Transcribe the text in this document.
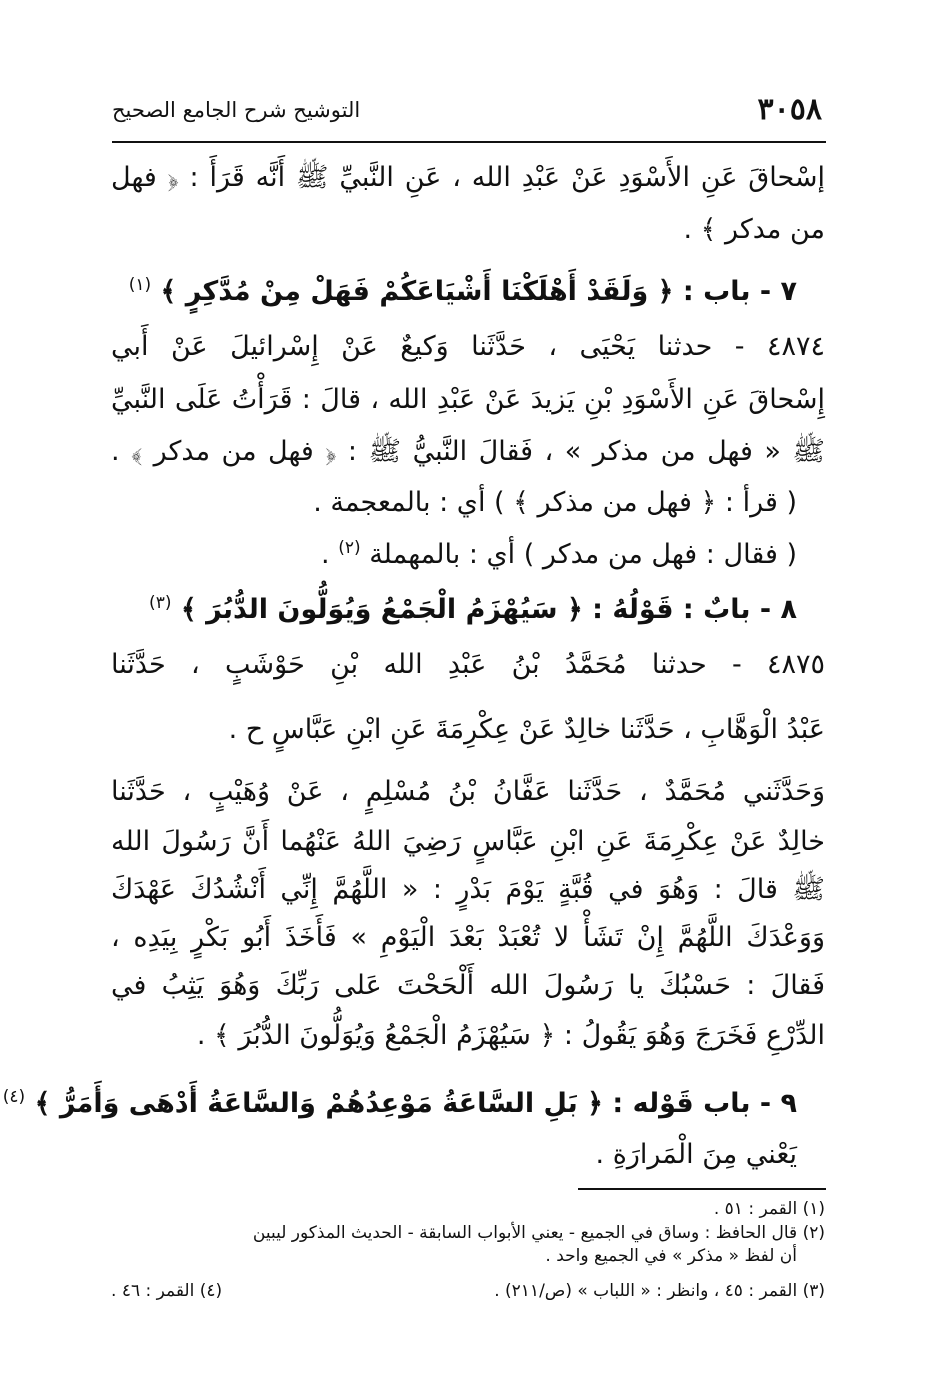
٣٠٥٨
التوشيح شرح الجامع الصحيح
إسْحاقَ عَنِ الأَسْوَدِ عَنْ عَبْدِ الله ، عَنِ النَّبيِّ ﷺ أَنَّه قَرَأَ : ﴿ فهل
من مدكر ﴾ .
٧ - باب : ﴿ وَلَقَدْ أَهْلَكْنَا أَشْيَاعَكُمْ فَهَلْ مِنْ مُدَّكِرٍ ﴾ $^{(١)}$
٤٨٧٤ - حدثنا يَحْيَى ، حَدَّثَنا وَكيعٌ عَنْ إِسْرائيلَ عَنْ أَبي
إِسْحاقَ عَنِ الأَسْوَدِ بْنِ يَزيدَ عَنْ عَبْدِ الله ، قالَ : قَرَأْتُ عَلَى النَّبيِّ
ﷺ « فهل من مذكر » ، فَقالَ النَّبيُّ ﷺ : ﴿ فهل من مدكر ﴾ .
( قرأ : ﴿ فهل من مذكر ﴾ ) أي : بالمعجمة .
( فقال : فهل من مدكر ) أي : بالمهملة $^{(٢)}$ .
٨ - بابٌ : قَوْلُهُ : ﴿ سَيُهْزَمُ الْجَمْعُ وَيُوَلُّونَ الدُّبُرَ ﴾ $^{(٣)}$
٤٨٧٥ - حدثنا مُحَمَّدُ بْنُ عَبْدِ الله بْنِ حَوْشَبٍ ، حَدَّثَنا
عَبْدُ الْوَهَّابِ ، حَدَّثَنا خالِدٌ عَنْ عِكْرِمَةَ عَنِ ابْنِ عَبَّاسٍ ح .
وَحَدَّثَني مُحَمَّدٌ ، حَدَّثَنا عَفَّانُ بْنُ مُسْلِمٍ ، عَنْ وُهَيْبٍ ، حَدَّثَنا
خالِدٌ عَنْ عِكْرِمَةَ عَنِ ابْنِ عَبَّاسٍ رَضِيَ اللهُ عَنْهُما أَنَّ رَسُولَ الله
ﷺ قالَ : وَهُوَ في قُبَّةٍ يَوْمَ بَدْرٍ : « اللَّهُمَّ إِنِّي أَنْشُدُكَ عَهْدَكَ
وَوَعْدَكَ اللَّهُمَّ إِنْ تَشَأْ لا تُعْبَدْ بَعْدَ الْيَوْمِ » فَأَخَذَ أَبُو بَكْرٍ بِيَدِه ،
فَقالَ : حَسْبُكَ يا رَسُولَ الله أَلْحَحْتَ عَلى رَبِّكَ وَهُوَ يَثِبُ في
الدِّرْعِ فَخَرَجَ وَهُوَ يَقُولُ : ﴿ سَيُهْزَمُ الْجَمْعُ وَيُوَلُّونَ الدُّبُرَ ﴾ .
٩ - باب قَوْله : ﴿ بَلِ السَّاعَةُ مَوْعِدُهُمْ وَالسَّاعَةُ أَدْهَى وَأَمَرُّ ﴾ $^{(٤)}$
يَعْني مِنَ الْمَرارَةِ .
(١) القمر : ٥١ .
(٢) قال الحافظ : وساق في الجميع - يعني الأبواب السابقة - الحديث المذكور ليبين
أن لفظ « مذكر » في الجميع واحد .
(٣) القمر : ٤٥ ، وانظر : « اللباب » (ص/٢١١) .
(٤) القمر : ٤٦ .
